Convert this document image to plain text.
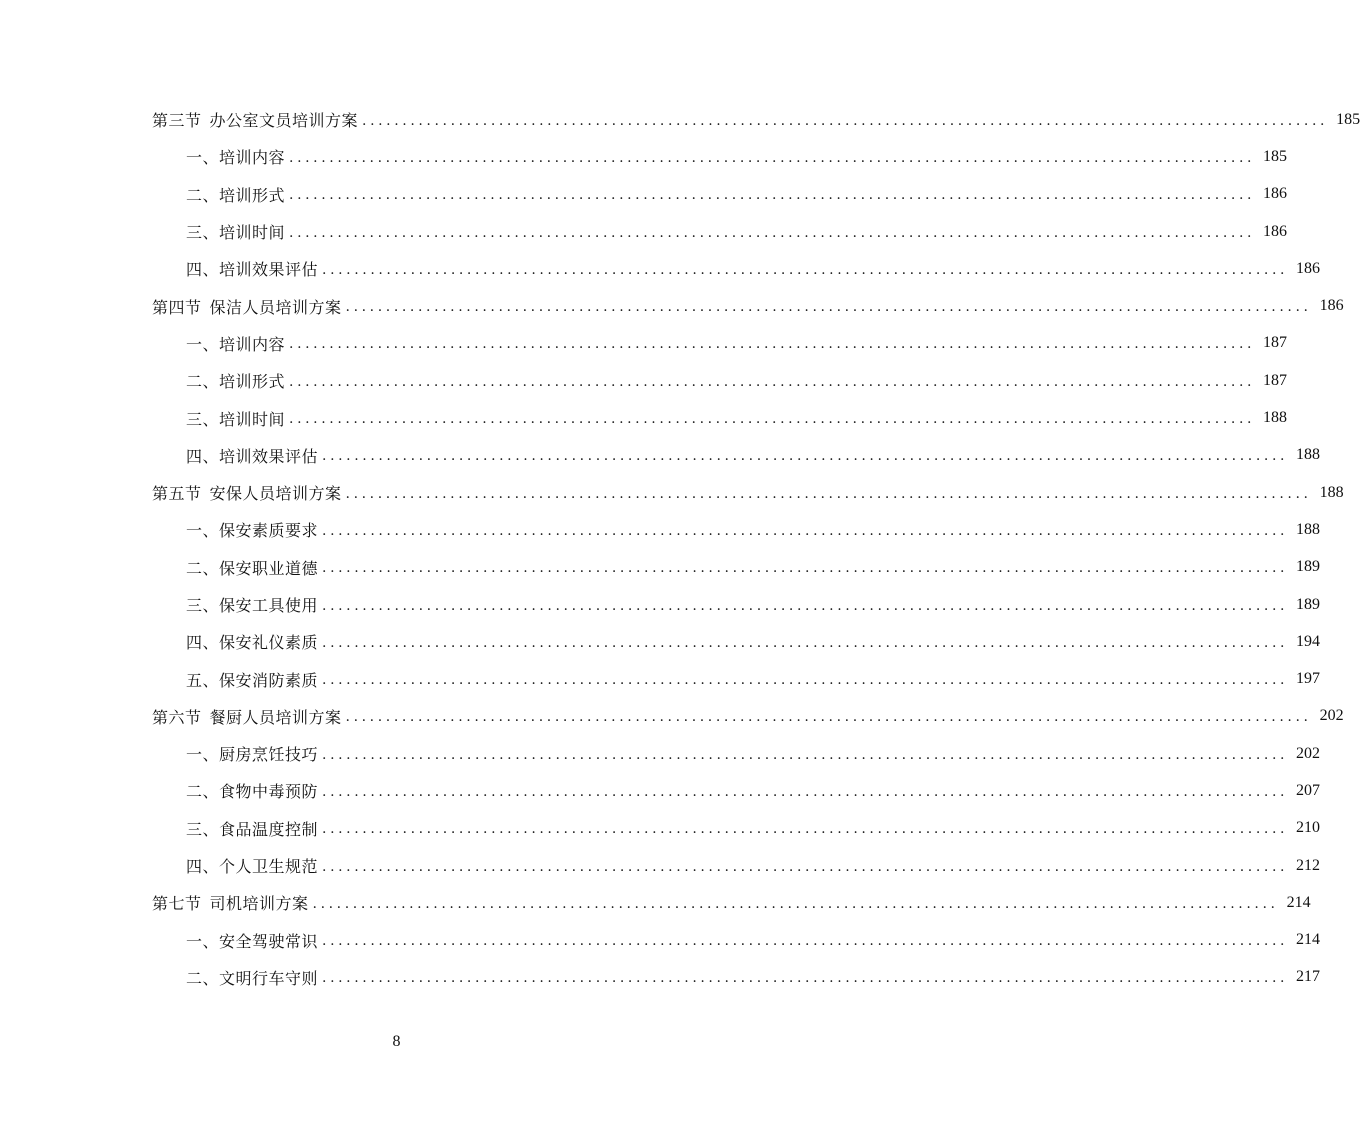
第三节 办公室文员培训方案 ........................................................................................................................ 185
一、培训内容 ........................................................................................................................ 185
二、培训形式 ........................................................................................................................ 186
三、培训时间 ........................................................................................................................ 186
四、培训效果评估 ........................................................................................................................ 186
第四节 保洁人员培训方案 ........................................................................................................................ 186
一、培训内容 ........................................................................................................................ 187
二、培训形式 ........................................................................................................................ 187
三、培训时间 ........................................................................................................................ 188
四、培训效果评估 ........................................................................................................................ 188
第五节 安保人员培训方案 ........................................................................................................................ 188
一、保安素质要求 ........................................................................................................................ 188
二、保安职业道德 ........................................................................................................................ 189
三、保安工具使用 ........................................................................................................................ 189
四、保安礼仪素质 ........................................................................................................................ 194
五、保安消防素质 ........................................................................................................................ 197
第六节 餐厨人员培训方案 ........................................................................................................................ 202
一、厨房烹饪技巧 ........................................................................................................................ 202
二、食物中毒预防 ........................................................................................................................ 207
三、食品温度控制 ........................................................................................................................ 210
四、个人卫生规范 ........................................................................................................................ 212
第七节 司机培训方案 ........................................................................................................................ 214
一、安全驾驶常识 ........................................................................................................................ 214
二、文明行车守则 ........................................................................................................................ 217
8
